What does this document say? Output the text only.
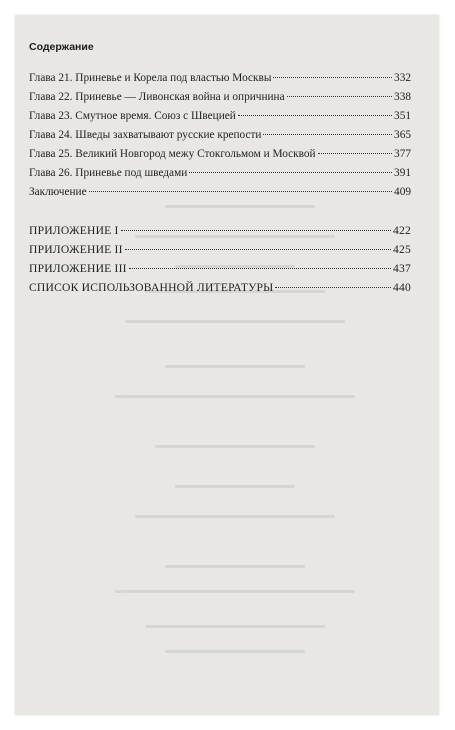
Содержание
Глава 21. Приневье и Корела под властью Москвы	332
Глава 22. Приневье — Ливонская война и опричнина	338
Глава 23. Смутное время. Союз с Швецией	351
Глава 24. Шведы захватывают русские крепости	365
Глава 25. Великий Новгород межу Стокгольмом и Москвой	377
Глава 26. Приневье под шведами	391
Заключение	409
ПРИЛОЖЕНИЕ I	422
ПРИЛОЖЕНИЕ II	425
ПРИЛОЖЕНИЕ III	437
СПИСОК ИСПОЛЬЗОВАННОЙ ЛИТЕРАТУРЫ	440
